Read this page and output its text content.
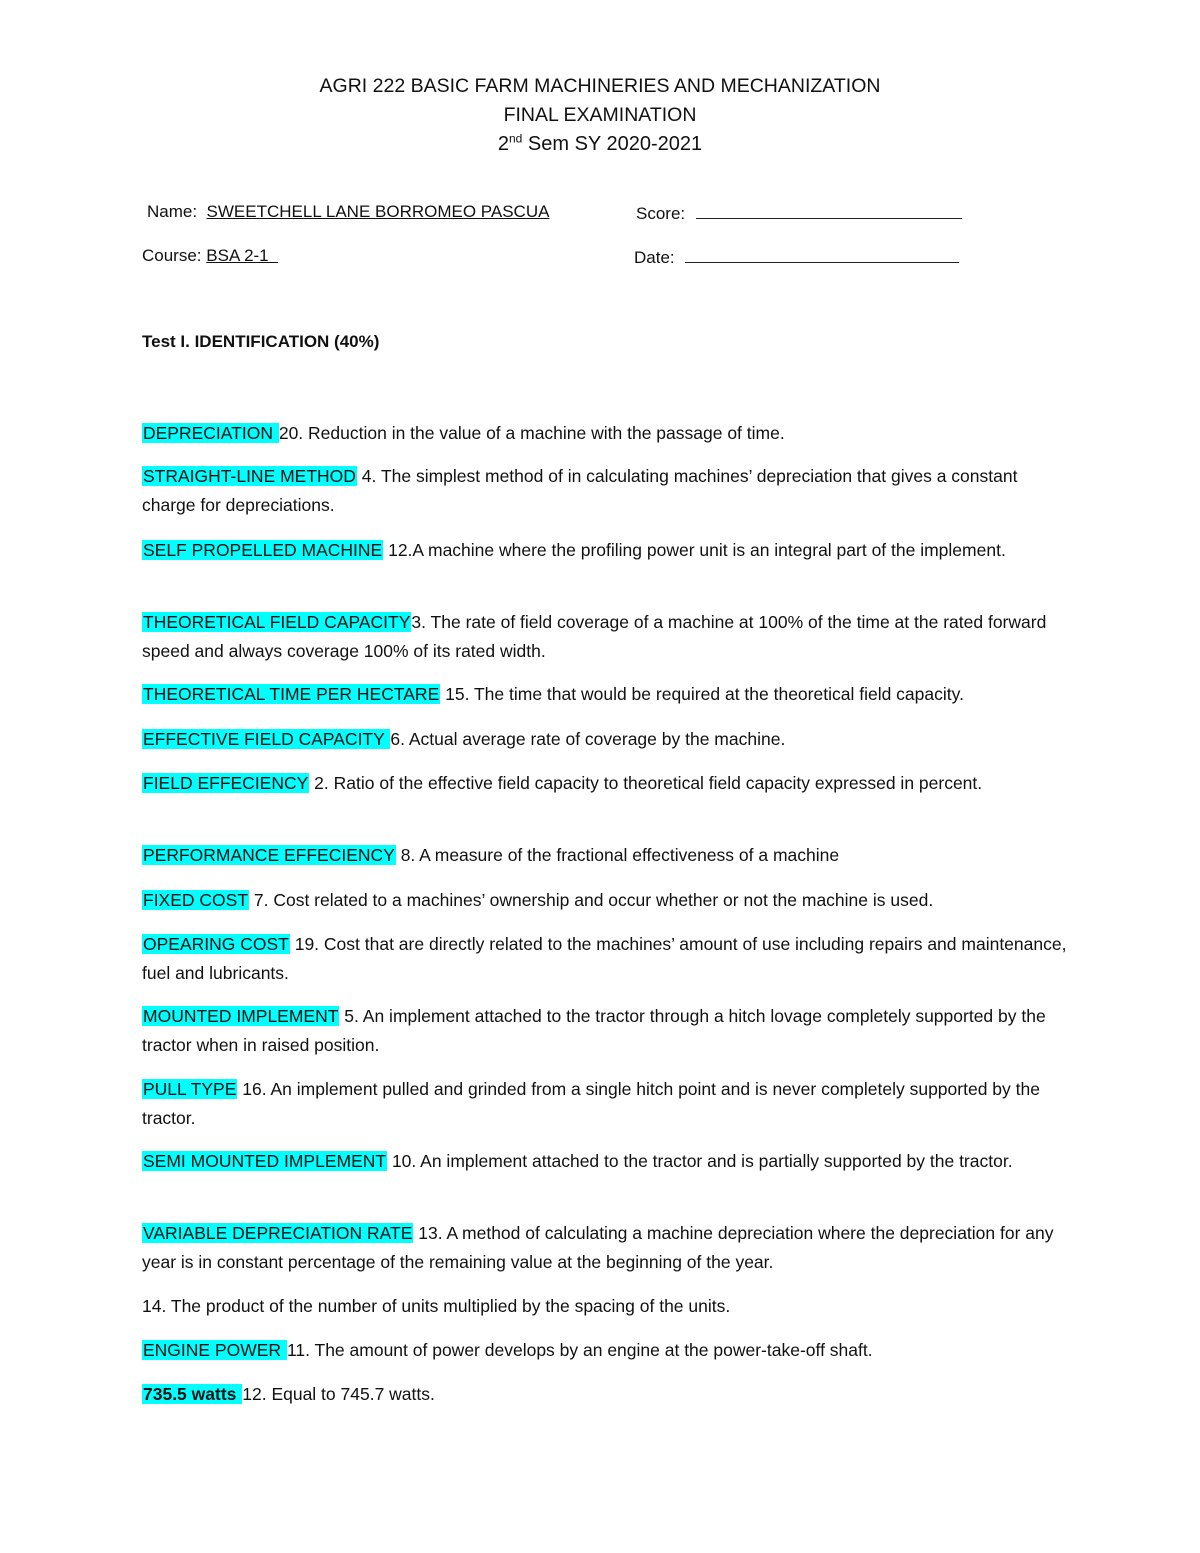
AGRI 222 BASIC FARM MACHINERIES AND MECHANIZATION
FINAL EXAMINATION
2nd Sem SY 2020-2021
Name: SWEETCHELL LANE BORROMEO PASCUA	Score:
Course: BSA 2-1	Date:
Test I. IDENTIFICATION (40%)
DEPRECIATION 20. Reduction in the value of a machine with the passage of time.
STRAIGHT-LINE METHOD 4. The simplest method of in calculating machines’ depreciation that gives a constant charge for depreciations.
SELF PROPELLED MACHINE 12.A machine where the profiling power unit is an integral part of the implement.
THEORETICAL FIELD CAPACITY3. The rate of field coverage of a machine at 100% of the time at the rated forward speed and always coverage 100% of its rated width.
THEORETICAL TIME PER HECTARE 15. The time that would be required at the theoretical field capacity.
EFFECTIVE FIELD CAPACITY 6. Actual average rate of coverage by the machine.
FIELD EFFECIENCY 2. Ratio of the effective field capacity to theoretical field capacity expressed in percent.
PERFORMANCE EFFECIENCY 8. A measure of the fractional effectiveness of a machine
FIXED COST 7. Cost related to a machines’ ownership and occur whether or not the machine is used.
OPEARING COST 19. Cost that are directly related to the machines’ amount of use including repairs and maintenance, fuel and lubricants.
MOUNTED IMPLEMENT 5. An implement attached to the tractor through a hitch lovage completely supported by the tractor when in raised position.
PULL TYPE 16. An implement pulled and grinded from a single hitch point and is never completely supported by the tractor.
SEMI MOUNTED IMPLEMENT 10. An implement attached to the tractor and is partially supported by the tractor.
VARIABLE DEPRECIATION RATE 13. A method of calculating a machine depreciation where the depreciation for any year is in constant percentage of the remaining value at the beginning of the year.
14. The product of the number of units multiplied by the spacing of the units.
ENGINE POWER 11. The amount of power develops by an engine at the power-take-off shaft.
735.5 watts 12. Equal to 745.7 watts.
